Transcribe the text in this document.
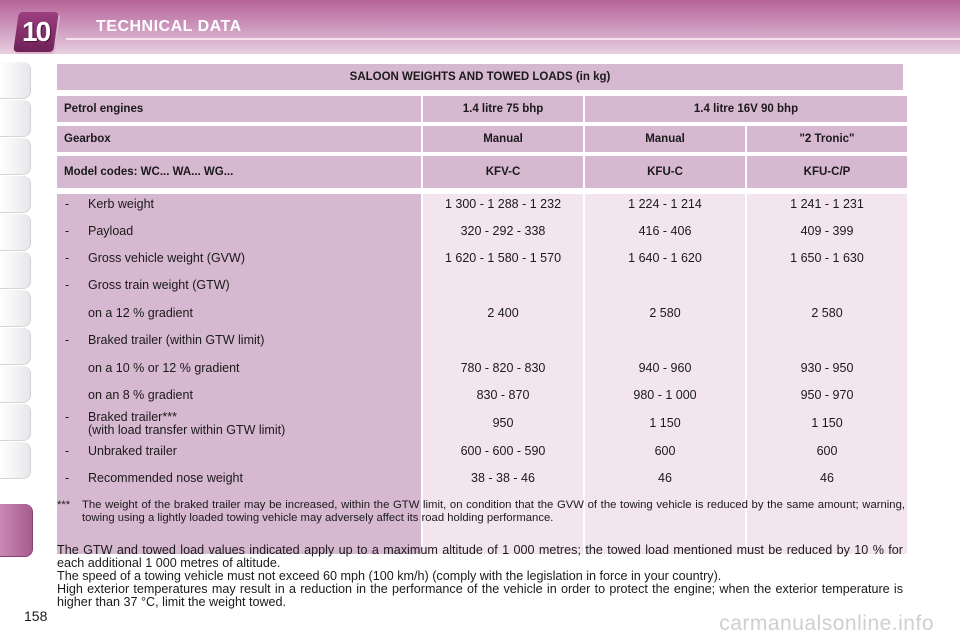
10	TECHNICAL DATA
SALOON WEIGHTS AND TOWED LOADS (in kg)
Petrol engines	1.4 litre 75 bhp	1.4 litre 16V 90 bhp
Gearbox	Manual	Manual	"2 Tronic"
Model codes: WC... WA... WG...	KFV-C	KFU-C	KFU-C/P
- Kerb weight	1 300 - 1 288 - 1 232	1 224 - 1 214	1 241 - 1 231
- Payload	320 - 292 - 338	416 - 406	409 - 399
- Gross vehicle weight (GVW)	1 620 - 1 580 - 1 570	1 640 - 1 620	1 650 - 1 630
- Gross train weight (GTW)
on a 12 % gradient	2 400	2 580	2 580
- Braked trailer (within GTW limit)
on a 10 % or 12 % gradient	780 - 820 - 830	940 - 960	930 - 950
on an 8 % gradient	830 - 870	980 - 1 000	950 - 970
- Braked trailer***
(with load transfer within GTW limit)	950	1 150	1 150
- Unbraked trailer	600 - 600 - 590	600	600
- Recommended nose weight	38 - 38 - 46	46	46
*** The weight of the braked trailer may be increased, within the GTW limit, on condition that the GVW of the towing vehicle is reduced by the same amount; warning, towing using a lightly loaded towing vehicle may adversely affect its road holding performance.
The GTW and towed load values indicated apply up to a maximum altitude of 1 000 metres; the towed load mentioned must be reduced by 10 % for each additional 1 000 metres of altitude.
The speed of a towing vehicle must not exceed 60 mph (100 km/h) (comply with the legislation in force in your country).
High exterior temperatures may result in a reduction in the performance of the vehicle in order to protect the engine; when the exterior temperature is higher than 37 °C, limit the weight towed.
158	carmanualsonline.info
